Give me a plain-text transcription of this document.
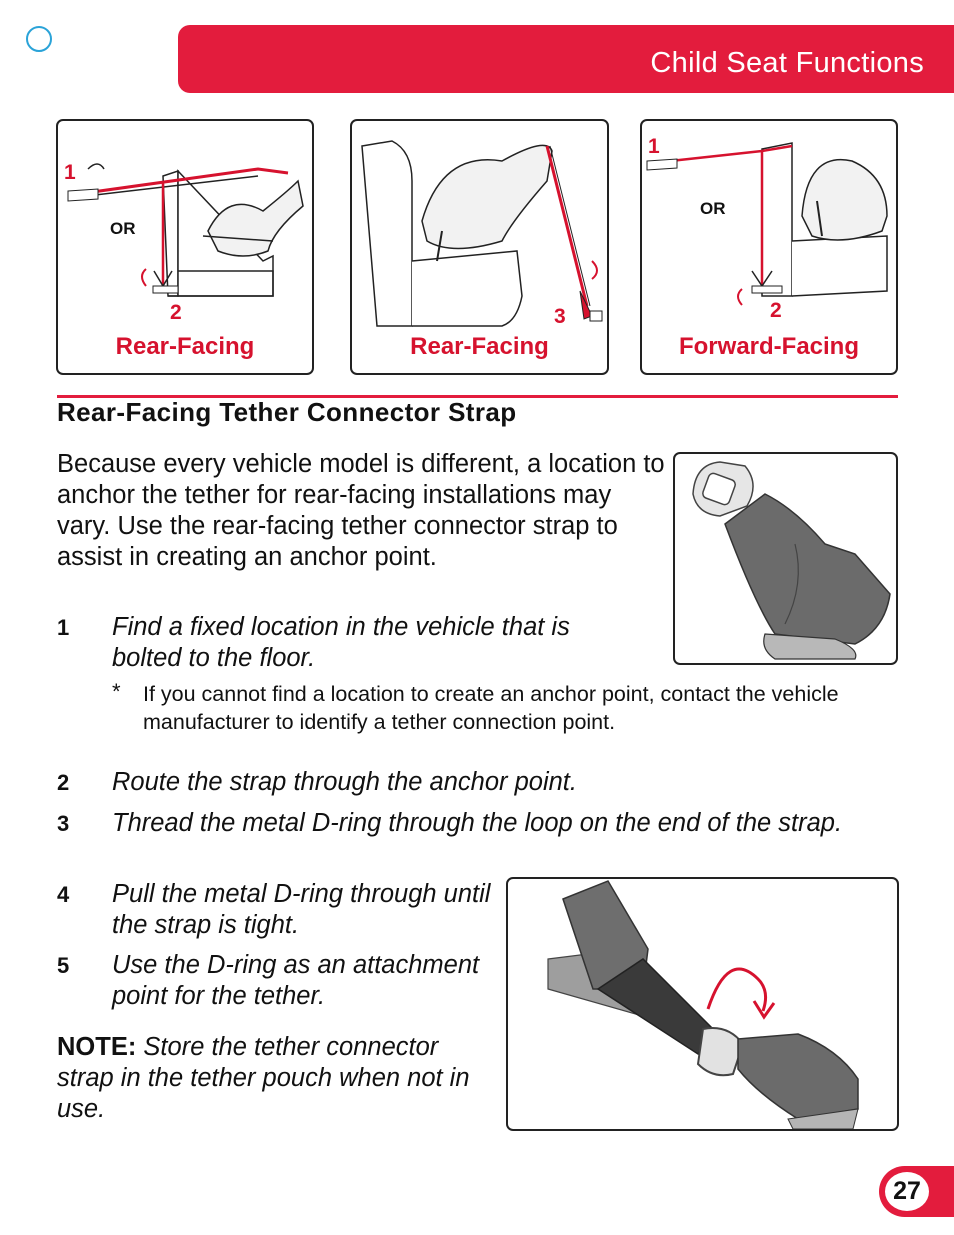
Child Seat Functions
1
OR
2
Rear-Facing
3
Rear-Facing
1
OR
2
Forward-Facing
Rear-Facing Tether Connector Strap
Because every vehicle model is different, a location to anchor the tether for rear-facing installations may vary. Use the rear-facing tether connector strap to assist in creating an anchor point.
1 Find a fixed location in the vehicle that is bolted to the floor.
* If you cannot find a location to create an anchor point, contact the vehicle manufacturer to identify a tether connection point.
2 Route the strap through the anchor point.
3 Thread the metal D-ring through the loop on the end of the strap.
4 Pull the metal D-ring through until the strap is tight.
5 Use the D-ring as an attachment point for the tether.
NOTE: Store the tether connector strap in the tether pouch when not in use.
27
